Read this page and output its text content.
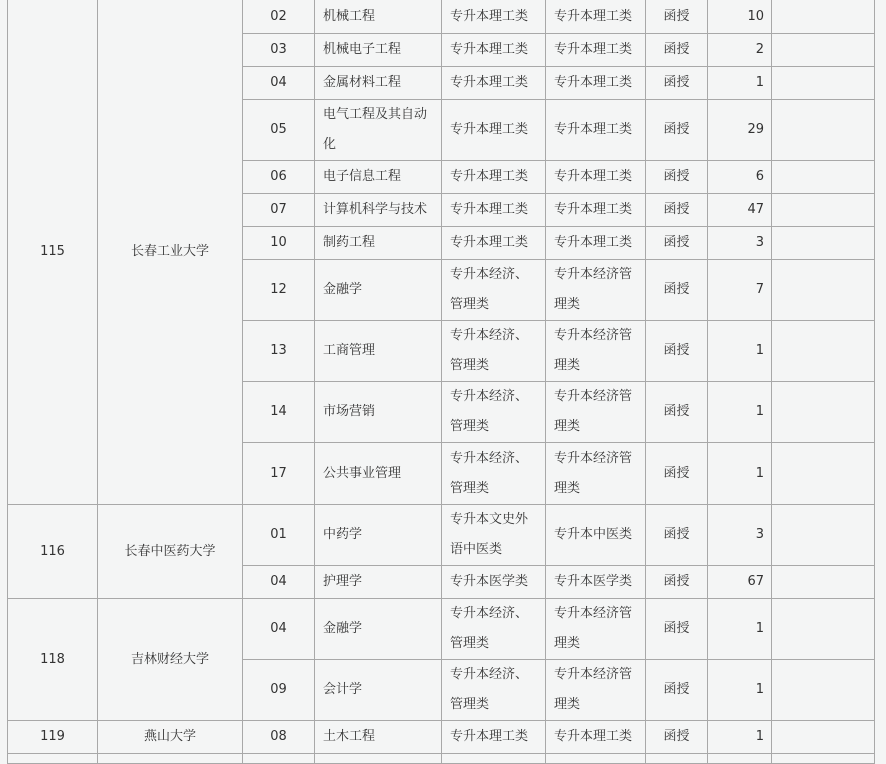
115	长春工业大学	02	机械工程	专升本理工类	专升本理工类	函授	10	
		03	机械电子工程	专升本理工类	专升本理工类	函授	2	
		04	金属材料工程	专升本理工类	专升本理工类	函授	1	
		05	电气工程及其自动化	专升本理工类	专升本理工类	函授	29	
		06	电子信息工程	专升本理工类	专升本理工类	函授	6	
		07	计算机科学与技术	专升本理工类	专升本理工类	函授	47	
		10	制药工程	专升本理工类	专升本理工类	函授	3	
		12	金融学	专升本经济、管理类	专升本经济管理类	函授	7	
		13	工商管理	专升本经济、管理类	专升本经济管理类	函授	1	
		14	市场营销	专升本经济、管理类	专升本经济管理类	函授	1	
		17	公共事业管理	专升本经济、管理类	专升本经济管理类	函授	1	
116	长春中医药大学	01	中药学	专升本文史外语中医类	专升本中医类	函授	3	
		04	护理学	专升本医学类	专升本医学类	函授	67	
118	吉林财经大学	04	金融学	专升本经济、管理类	专升本经济管理类	函授	1	
		09	会计学	专升本经济、管理类	专升本经济管理类	函授	1	
119	燕山大学	08	土木工程	专升本理工类	专升本理工类	函授	1	
